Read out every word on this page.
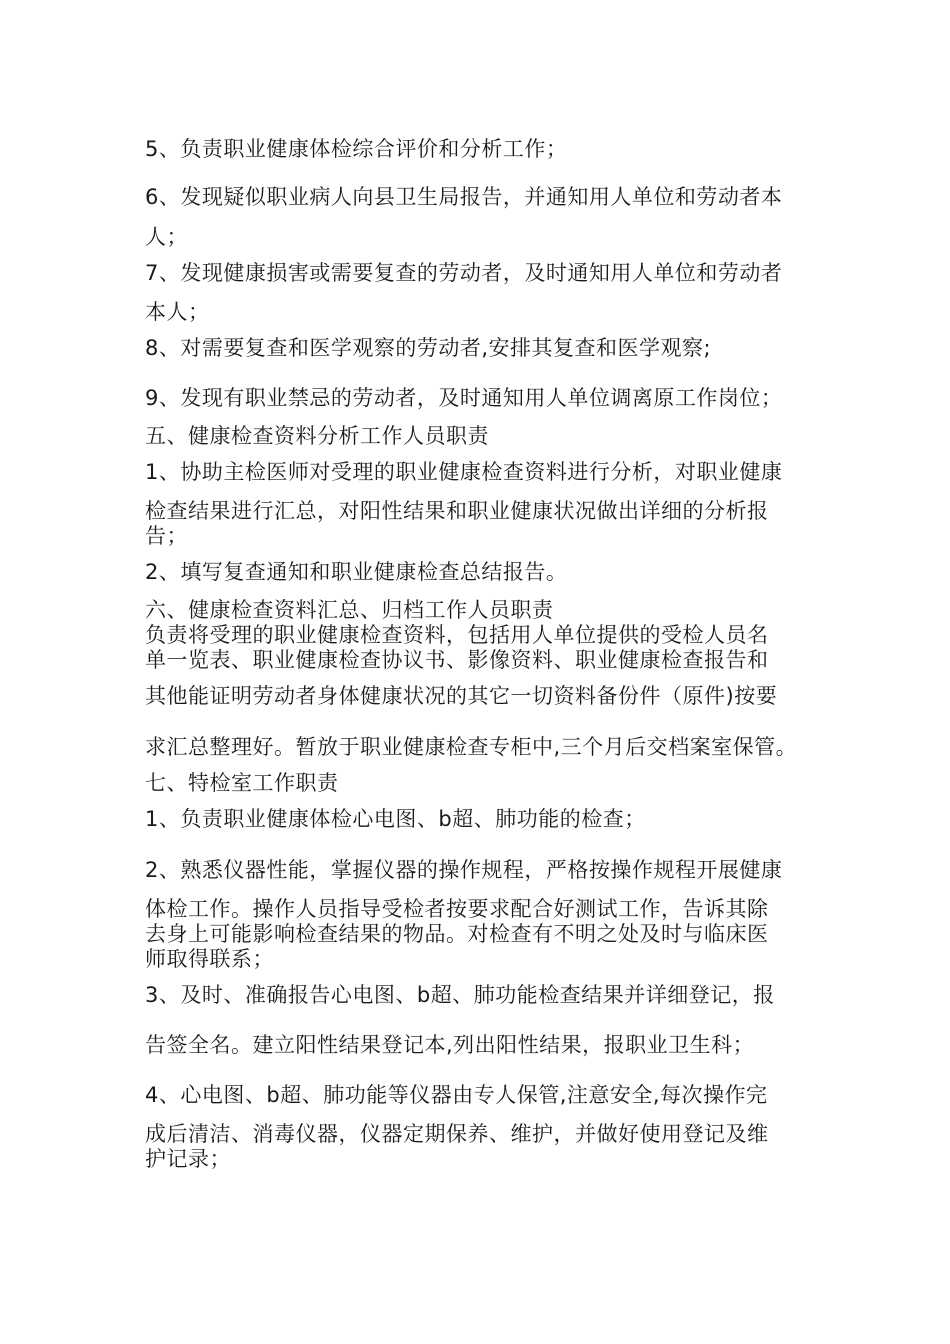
5、负责职业健康体检综合评价和分析工作；
6、发现疑似职业病人向县卫生局报告，并通知用人单位和劳动者本
人；
7、发现健康损害或需要复查的劳动者，及时通知用人单位和劳动者
本人；
8、对需要复查和医学观察的劳动者,安排其复查和医学观察;
9、发现有职业禁忌的劳动者，及时通知用人单位调离原工作岗位；
五、健康检查资料分析工作人员职责
1、协助主检医师对受理的职业健康检查资料进行分析，对职业健康
检查结果进行汇总，对阳性结果和职业健康状况做出详细的分析报
告；
2、填写复查通知和职业健康检查总结报告。
六、健康检查资料汇总、归档工作人员职责
负责将受理的职业健康检查资料，包括用人单位提供的受检人员名
单一览表、职业健康检查协议书、影像资料、职业健康检查报告和
其他能证明劳动者身体健康状况的其它一切资料备份件（原件)按要
求汇总整理好。暂放于职业健康检查专柜中,三个月后交档案室保管。
七、特检室工作职责
1、负责职业健康体检心电图、b超、肺功能的检查；
2、熟悉仪器性能，掌握仪器的操作规程，严格按操作规程开展健康
体检工作。操作人员指导受检者按要求配合好测试工作，告诉其除
去身上可能影响检查结果的物品。对检查有不明之处及时与临床医
师取得联系；
3、及时、准确报告心电图、b超、肺功能检查结果并详细登记，报
告签全名。建立阳性结果登记本,列出阳性结果，报职业卫生科；
4、心电图、b超、肺功能等仪器由专人保管,注意安全,每次操作完
成后清洁、消毒仪器，仪器定期保养、维护，并做好使用登记及维
护记录；
